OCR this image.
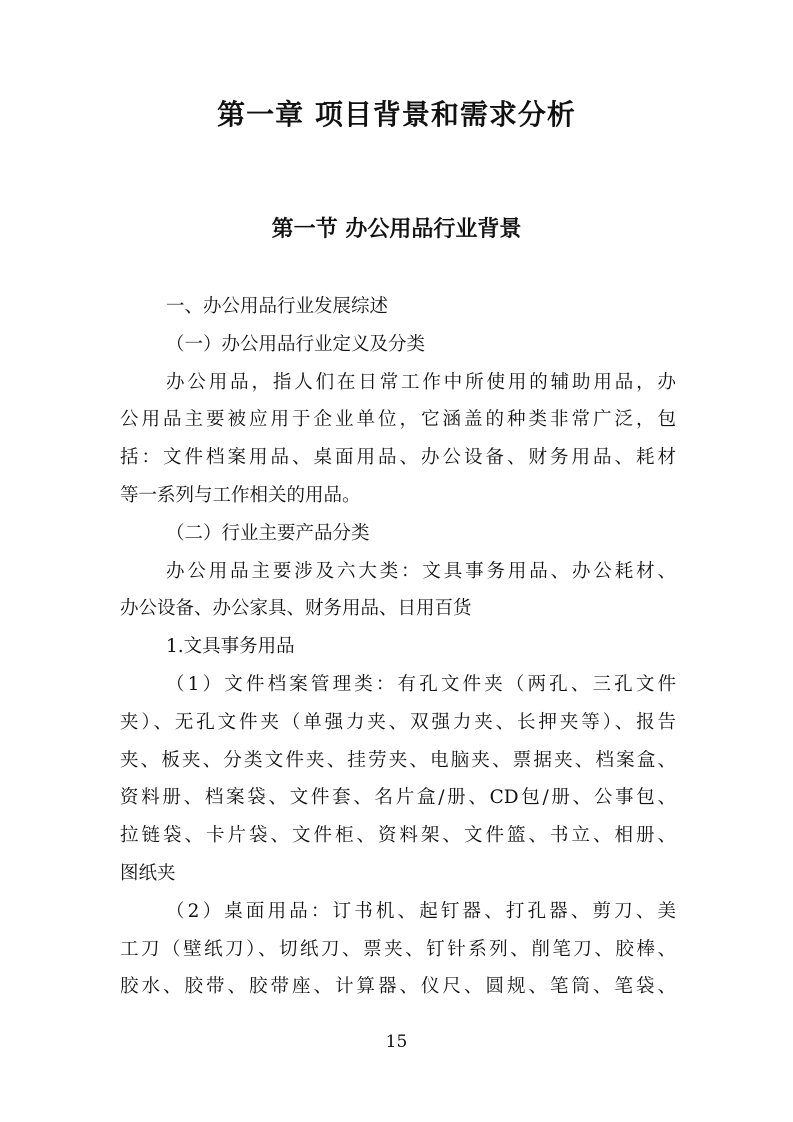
第一章 项目背景和需求分析
第一节 办公用品行业背景
一、办公用品行业发展综述
（一）办公用品行业定义及分类
办公用品，指人们在日常工作中所使用的辅助用品，办
公用品主要被应用于企业单位，它涵盖的种类非常广泛，包
括：文件档案用品、桌面用品、办公设备、财务用品、耗材
等一系列与工作相关的用品。
（二）行业主要产品分类
办公用品主要涉及六大类：文具事务用品、办公耗材、
办公设备、办公家具、财务用品、日用百货
1.文具事务用品
（1）文件档案管理类：有孔文件夹（两孔、三孔文件
夹）、无孔文件夹（单强力夹、双强力夹、长押夹等）、报告
夹、板夹、分类文件夹、挂劳夹、电脑夹、票据夹、档案盒、
资料册、档案袋、文件套、名片盒/册、CD包/册、公事包、
拉链袋、卡片袋、文件柜、资料架、文件篮、书立、相册、
图纸夹
（2）桌面用品：订书机、起钉器、打孔器、剪刀、美
工刀（壁纸刀）、切纸刀、票夹、钉针系列、削笔刀、胶棒、
胶水、胶带、胶带座、计算器、仪尺、圆规、笔筒、笔袋、
15
